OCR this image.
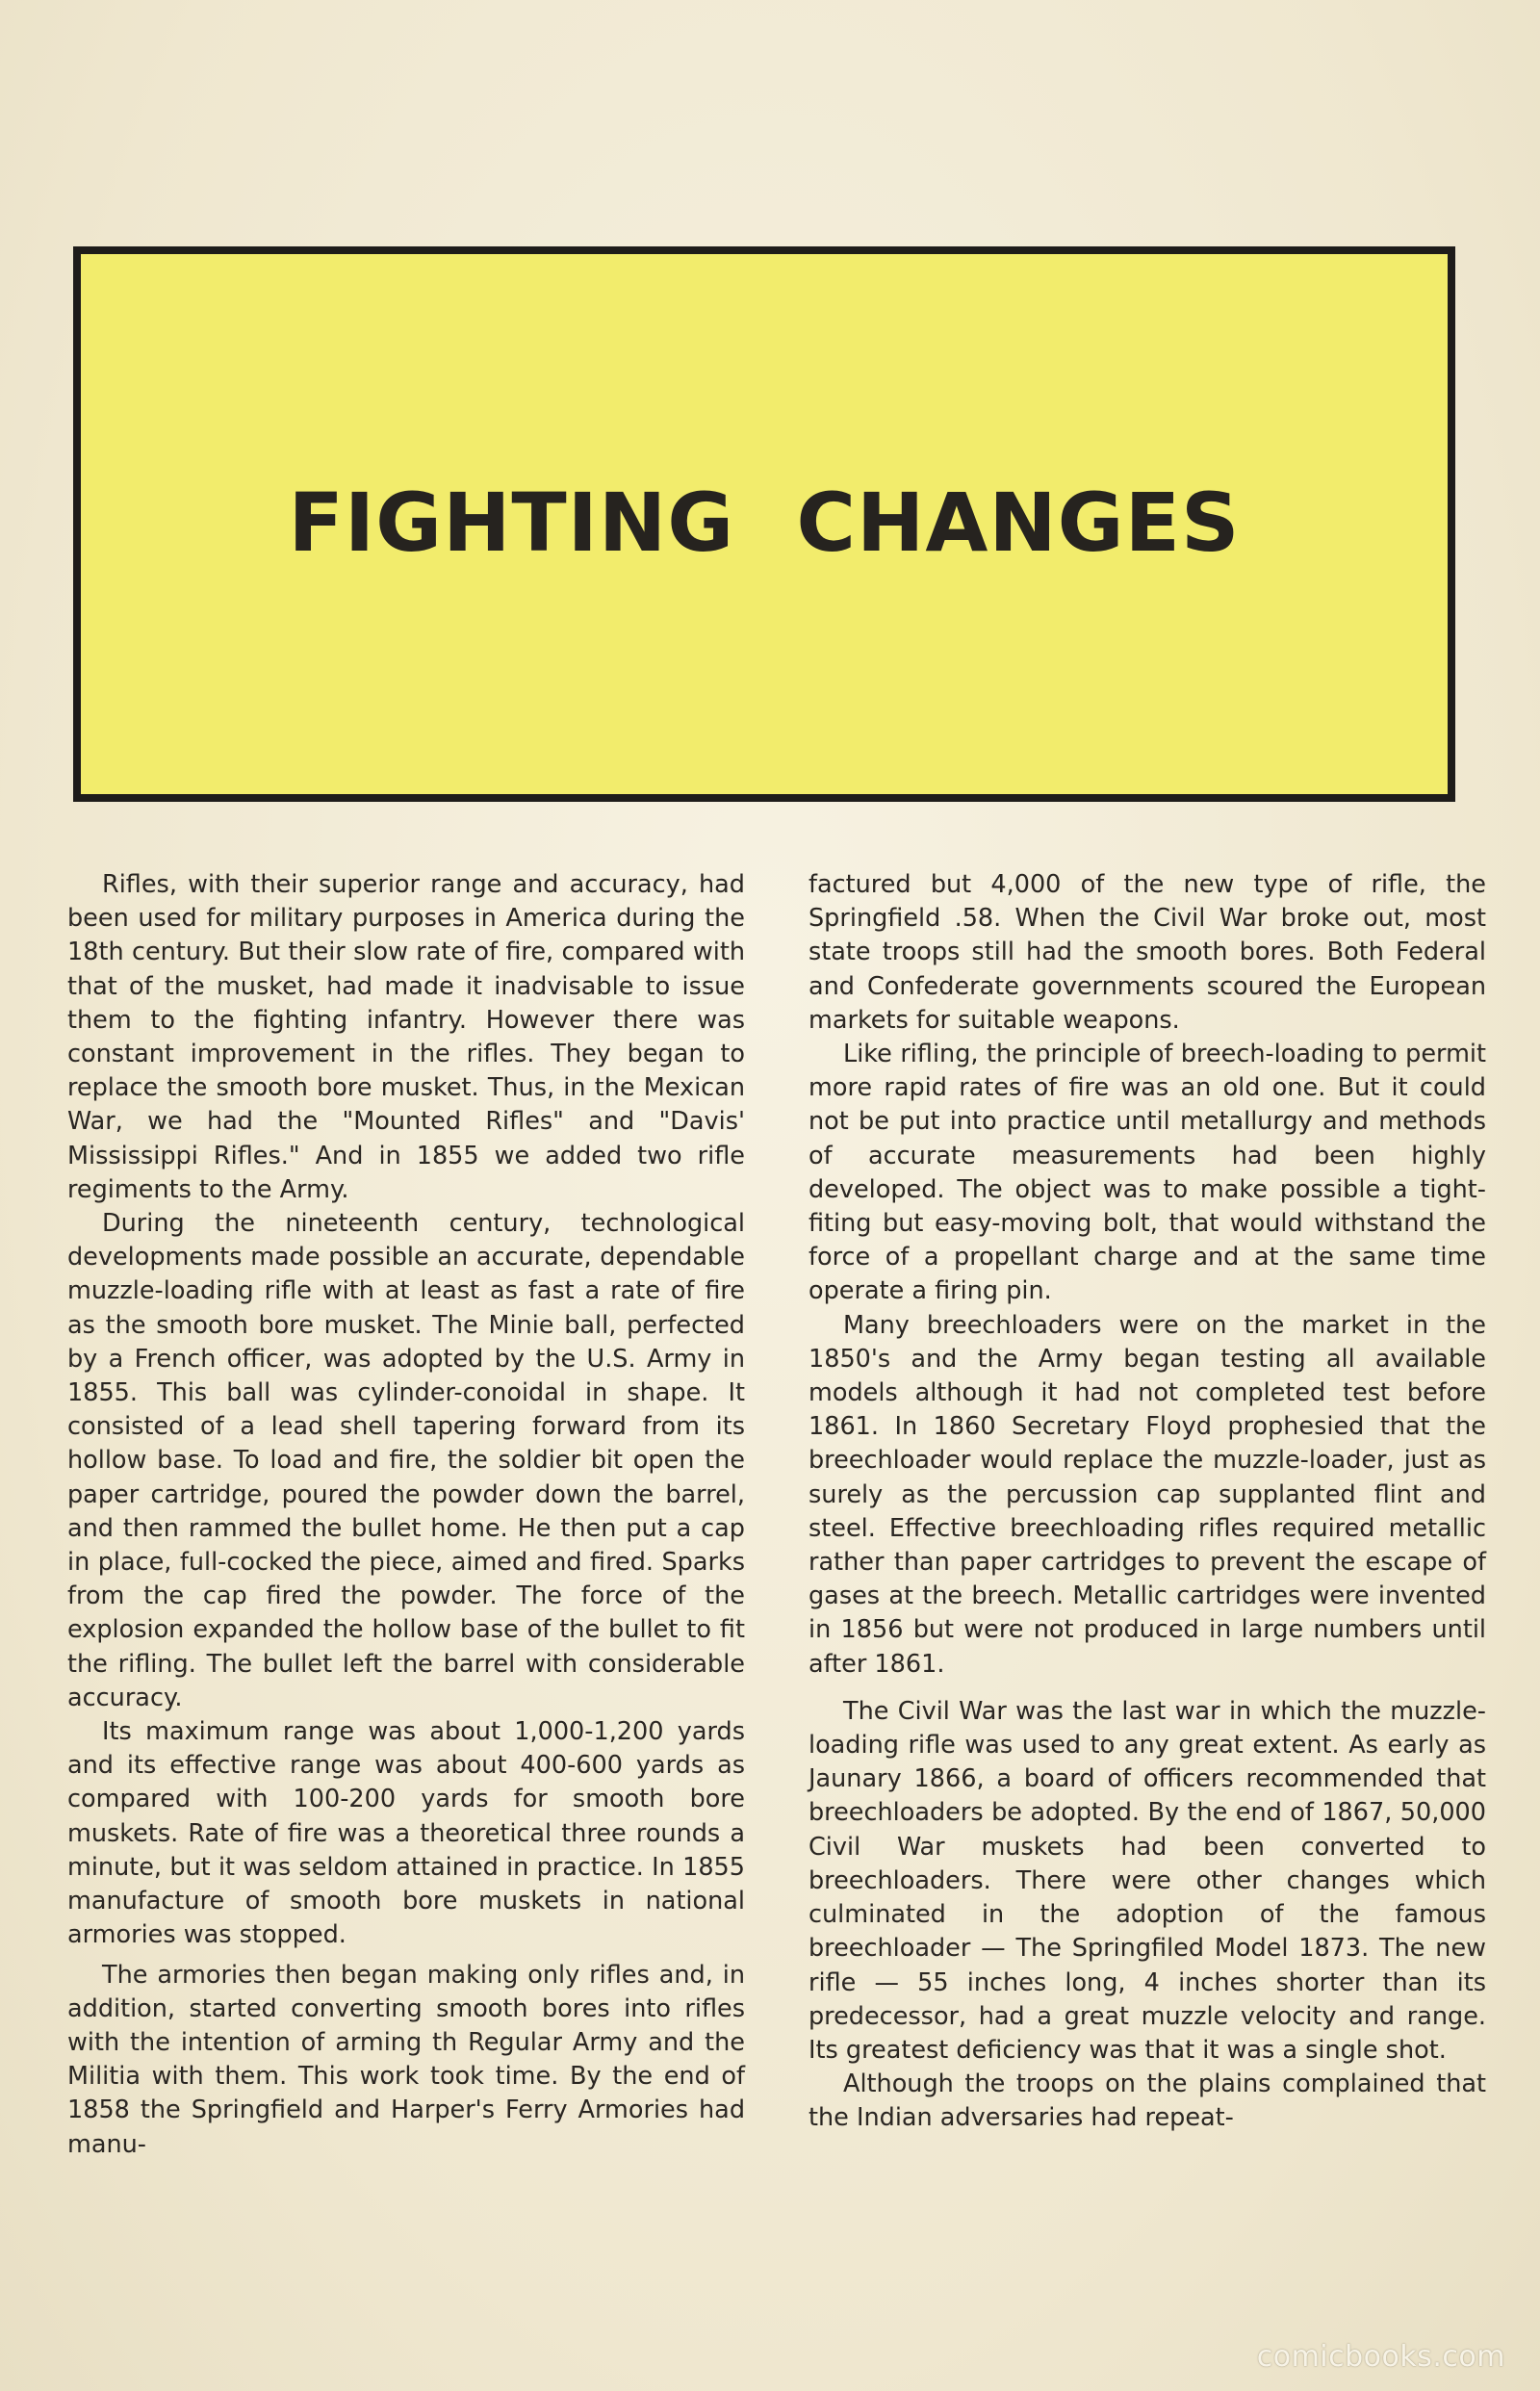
FIGHTING CHANGES

Rifles, with their superior range and accuracy, had been used for military purposes in America during the 18th century. But their slow rate of fire, compared with that of the musket, had made it inadvisable to issue them to the fighting infantry. However there was constant improvement in the rifles. They began to replace the smooth bore musket. Thus, in the Mexican War, we had the "Mounted Rifles" and "Davis' Mississippi Rifles." And in 1855 we added two rifle regiments to the Army.

During the nineteenth century, technological developments made possible an accurate, dependable muzzle-loading rifle with at least as fast a rate of fire as the smooth bore musket. The Minie ball, perfected by a French officer, was adopted by the U.S. Army in 1855. This ball was cylinder-conoidal in shape. It consisted of a lead shell tapering forward from its hollow base. To load and fire, the soldier bit open the paper cartridge, poured the powder down the barrel, and then rammed the bullet home. He then put a cap in place, full-cocked the piece, aimed and fired. Sparks from the cap fired the powder. The force of the explosion expanded the hollow base of the bullet to fit the rifling. The bullet left the barrel with considerable accuracy.

Its maximum range was about 1,000-1,200 yards and its effective range was about 400-600 yards as compared with 100-200 yards for smooth bore muskets. Rate of fire was a theoretical three rounds a minute, but it was seldom attained in practice. In 1855 manufacture of smooth bore muskets in national armories was stopped.

The armories then began making only rifles and, in addition, started converting smooth bores into rifles with the intention of arming th Regular Army and the Militia with them. This work took time. By the end of 1858 the Springfield and Harper's Ferry Armories had manu-

factured but 4,000 of the new type of rifle, the Springfield .58. When the Civil War broke out, most state troops still had the smooth bores. Both Federal and Confederate governments scoured the European markets for suitable weapons.

Like rifling, the principle of breech-loading to permit more rapid rates of fire was an old one. But it could not be put into practice until metallurgy and methods of accurate measurements had been highly developed. The object was to make possible a tight-fiting but easy-moving bolt, that would withstand the force of a propellant charge and at the same time operate a firing pin.

Many breechloaders were on the market in the 1850's and the Army began testing all available models although it had not completed test before 1861. In 1860 Secretary Floyd prophesied that the breechloader would replace the muzzle-loader, just as surely as the percussion cap supplanted flint and steel. Effective breechloading rifles required metallic rather than paper cartridges to prevent the escape of gases at the breech. Metallic cartridges were invented in 1856 but were not produced in large numbers until after 1861.

The Civil War was the last war in which the muzzle-loading rifle was used to any great extent. As early as Jaunary 1866, a board of officers recommended that breechloaders be adopted. By the end of 1867, 50,000 Civil War muskets had been converted to breechloaders. There were other changes which culminated in the adoption of the famous breechloader — The Springfiled Model 1873. The new rifle — 55 inches long, 4 inches shorter than its predecessor, had a great muzzle velocity and range. Its greatest deficiency was that it was a single shot.

Although the troops on the plains complained that the Indian adversaries had repeat-

comicbooks.com
